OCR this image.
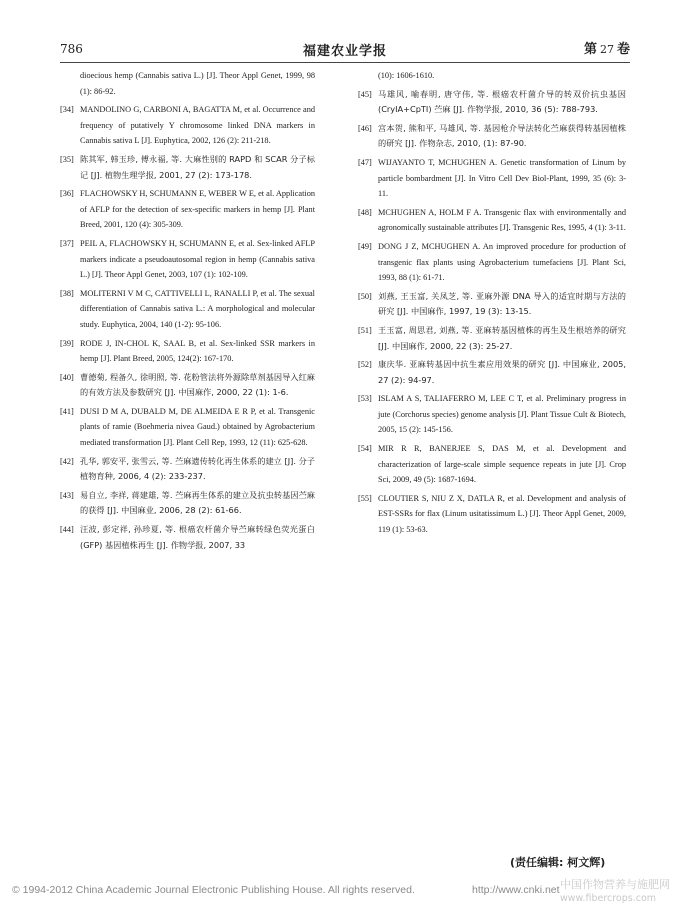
786	福建农业学报	第 27 卷
dioecious hemp (Cannabis sativa L.) [J]. Theor Appl Genet, 1999, 98 (1): 86-92.
[34] MANDOLINO G, CARBONI A, BAGATTA M, et al. Occurrence and frequency of putatively Y chromosome linked DNA markers in Cannabis sativa L [J]. Euphytica, 2002, 126 (2): 211-218.
[35] 陈其军, 韩玉珍, 傅永福, 等. 大麻性别的 RAPD 和 SCAR 分子标记 [J]. 植物生理学报, 2001, 27 (2): 173-178.
[36] FLACHOWSKY H, SCHUMANN E, WEBER W E, et al. Application of AFLP for the detection of sex-specific markers in hemp [J]. Plant Breed, 2001, 120 (4): 305-309.
[37] PEIL A, FLACHOWSKY H, SCHUMANN E, et al. Sex-linked AFLP markers indicate a pseudoautosomal region in hemp (Cannabis sativa L.) [J]. Theor Appl Genet, 2003, 107 (1): 102-109.
[38] MOLITERNI V M C, CATTIVELLI L, RANALLI P, et al. The sexual differentiation of Cannabis sativa L.: A morphological and molecular study. Euphytica, 2004, 140 (1-2): 95-106.
[39] RODE J, IN-CHOL K, SAAL B, et al. Sex-linked SSR markers in hemp [J]. Plant Breed, 2005, 124(2): 167-170.
[40] 曹德菊, 程备久, 徐明照, 等. 花粉管法将外源除草剂基因导入红麻的有效方法及参数研究 [J]. 中国麻作, 2000, 22 (1): 1-6.
[41] DUSI D M A, DUBALD M, DE ALMEIDA E R P, et al. Transgenic plants of ramie (Boehmeria nivea Gaud.) obtained by Agrobacterium mediated transformation [J]. Plant Cell Rep, 1993, 12 (11): 625-628.
[42] 孔华, 郭安平, 张雪云, 等. 苎麻遗传转化再生体系的建立 [J]. 分子植物育种, 2006, 4 (2): 233-237.
[43] 易自立, 李祥, 蒋建雄, 等. 苎麻再生体系的建立及抗虫转基因苎麻的获得 [J]. 中国麻业, 2006, 28 (2): 61-66.
[44] 汪波, 彭定祥, 孙珍夏, 等. 根癌农杆菌介导苎麻转绿色荧光蛋白 (GFP) 基因植株再生 [J]. 作物学报, 2007, 33
(10): 1606-1610.
[45] 马雄风, 喻春明, 唐守伟, 等. 根癌农杆菌介导的转双价抗虫基因 (CryIA+CpTI) 苎麻 [J]. 作物学报, 2010, 36 (5): 788-793.
[46] 宫本贺, 熊和平, 马雄风, 等. 基因枪介导法转化苎麻获得转基因植株的研究 [J]. 作物杂志, 2010, (1): 87-90.
[47] WIJAYANTO T, MCHUGHEN A. Genetic transformation of Linum by particle bombardment [J]. In Vitro Cell Dev Biol-Plant, 1999, 35 (6): 3-11.
[48] MCHUGHEN A, HOLM F A. Transgenic flax with environmentally and agronomically sustainable attributes [J]. Transgenic Res, 1995, 4 (1): 3-11.
[49] DONG J Z, MCHUGHEN A. An improved procedure for production of transgenic flax plants using Agrobacterium tumefaciens [J]. Plant Sci, 1993, 88 (1): 61-71.
[50] 刘燕, 王玉富, 关凤芝, 等. 亚麻外源 DNA 导入的适宜时期与方法的研究 [J]. 中国麻作, 1997, 19 (3): 13-15.
[51] 王玉富, 周思君, 刘燕, 等. 亚麻转基因植株的再生及生根培养的研究 [J]. 中国麻作, 2000, 22 (3): 25-27.
[52] 康庆华. 亚麻转基因中抗生素应用效果的研究 [J]. 中国麻业, 2005, 27 (2): 94-97.
[53] ISLAM A S, TALIAFERRO M, LEE C T, et al. Preliminary progress in jute (Corchorus species) genome analysis [J]. Plant Tissue Cult & Biotech, 2005, 15 (2): 145-156.
[54] MIR R R, BANERJEE S, DAS M, et al. Development and characterization of large-scale simple sequence repeats in jute [J]. Crop Sci, 2009, 49 (5): 1687-1694.
[55] CLOUTIER S, NIU Z X, DATLA R, et al. Development and analysis of EST-SSRs for flax (Linum usitatissimum L.) [J]. Theor Appl Genet, 2009, 119 (1): 53-63.
(责任编辑: 柯文辉)
© 1994-2012 China Academic Journal Electronic Publishing House. All rights reserved.	http://www.cnki.net 中国作物营养与施肥网
www.fibercrops.com
